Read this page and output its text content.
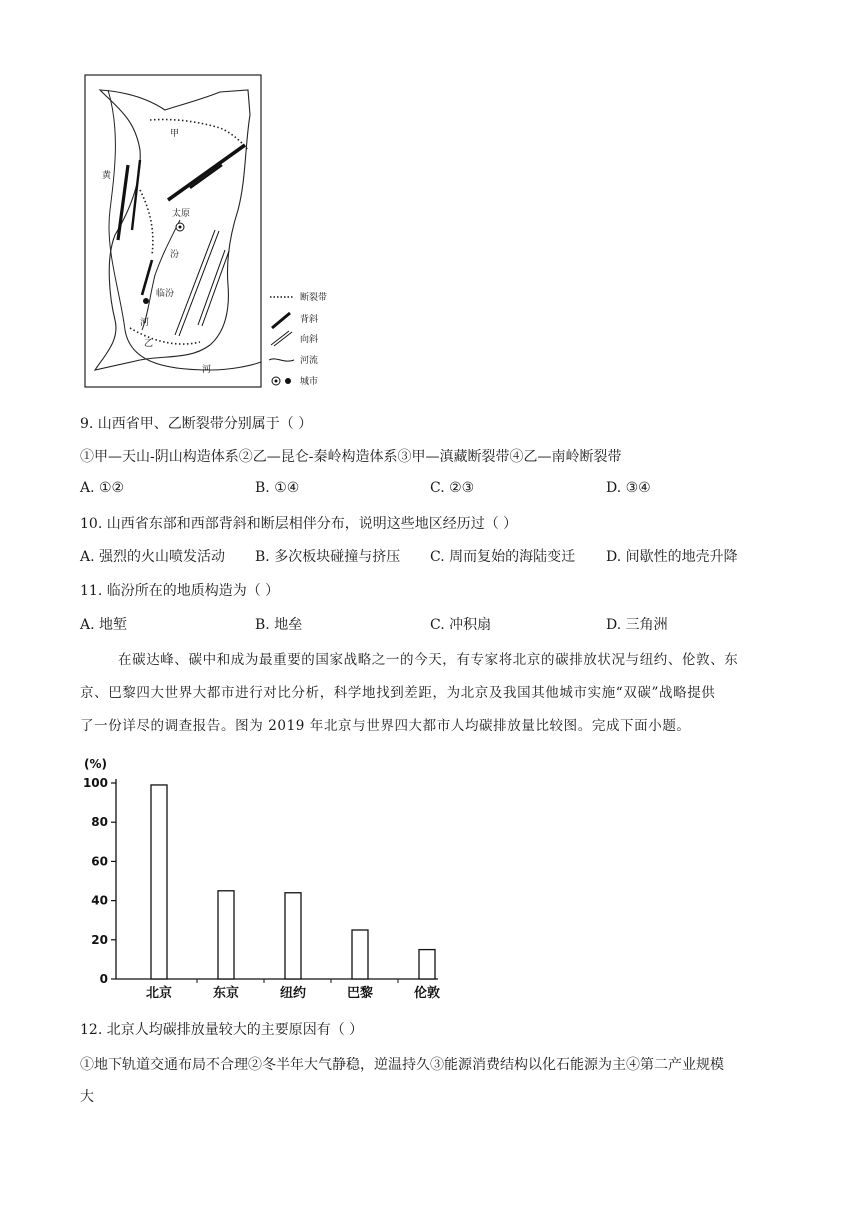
甲
乙
黄
河
河
太原
汾
临汾	断裂带
背斜
向斜
河流
城市
9. 山西省甲、乙断裂带分别属于（ ）
①甲—天山-阴山构造体系②乙—昆仑-秦岭构造体系③甲—滇藏断裂带④乙—南岭断裂带
A. ①②	B. ①④	C. ②③	D. ③④
10. 山西省东部和西部背斜和断层相伴分布，说明这些地区经历过（ ）
A. 强烈的火山喷发活动 B. 多次板块碰撞与挤压 C. 周而复始的海陆变迁 D. 间歇性的地壳升降
11. 临汾所在的地质构造为（ ）
A. 地堑	B. 地垒	C. 冲积扇	D. 三角洲
在碳达峰、碳中和成为最重要的国家战略之一的今天，有专家将北京的碳排放状况与纽约、伦敦、东
京、巴黎四大世界大都市进行对比分析，科学地找到差距，为北京及我国其他城市实施“双碳”战略提供
了一份详尽的调查报告。图为 2019 年北京与世界四大都市人均碳排放量比较图。完成下面小题。
(%)
0
20
40
60
80
100
北京	东京	纽约	巴黎	伦敦
12. 北京人均碳排放量较大的主要原因有（ ）
①地下轨道交通布局不合理②冬半年大气静稳，逆温持久③能源消费结构以化石能源为主④第二产业规模
大
